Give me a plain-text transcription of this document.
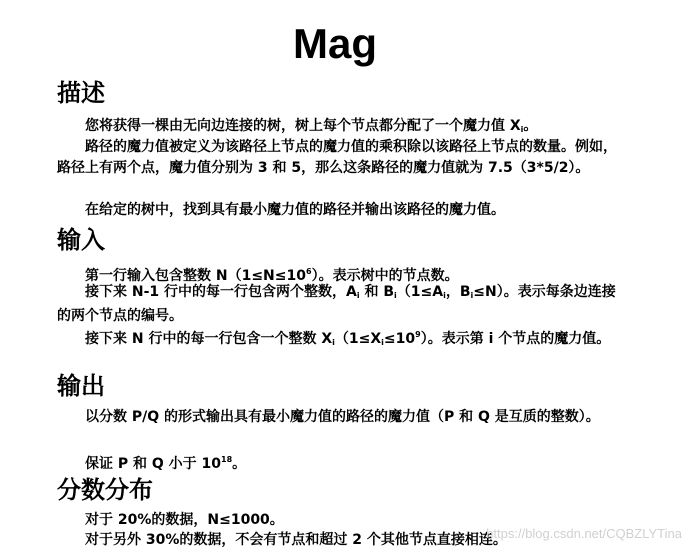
Mag
描述
您将获得一棵由无向边连接的树，树上每个节点都分配了一个魔力值 $X_i$。
路径的魔力值被定义为该路径上节点的魔力值的乘积除以该路径上节点的数量。例如，路径上有两个点，魔力值分别为 3 和 5，那么这条路径的魔力值就为 7.5（3*5/2）。
在给定的树中，找到具有最小魔力值的路径并输出该路径的魔力值。
输入
第一行输入包含整数 $N(1\le N\le 10^6)$。表示树中的节点数。
接下来 N-1 行中的每一行包含两个整数，$A_i$ 和 $B_i(1\le A_i$，$B_i\le N$）。表示每条边连接的两个节点的编号。
接下来 N 行中的每一行包含一个整数 $X_i(1\le X_i\le 10^9)$。表示第 i 个节点的魔力值。
输出
以分数 P/Q 的形式输出具有最小魔力值的路径的魔力值（P 和 Q 是互质的整数）。
保证 P 和 Q 小于 $10^{18}$。
分数分布
对于 20%的数据，N≤1000。
对于另外 30%的数据，不会有节点和超过 2 个其他节点直接相连。
https://blog.csdn.net/CQBZLYTina
